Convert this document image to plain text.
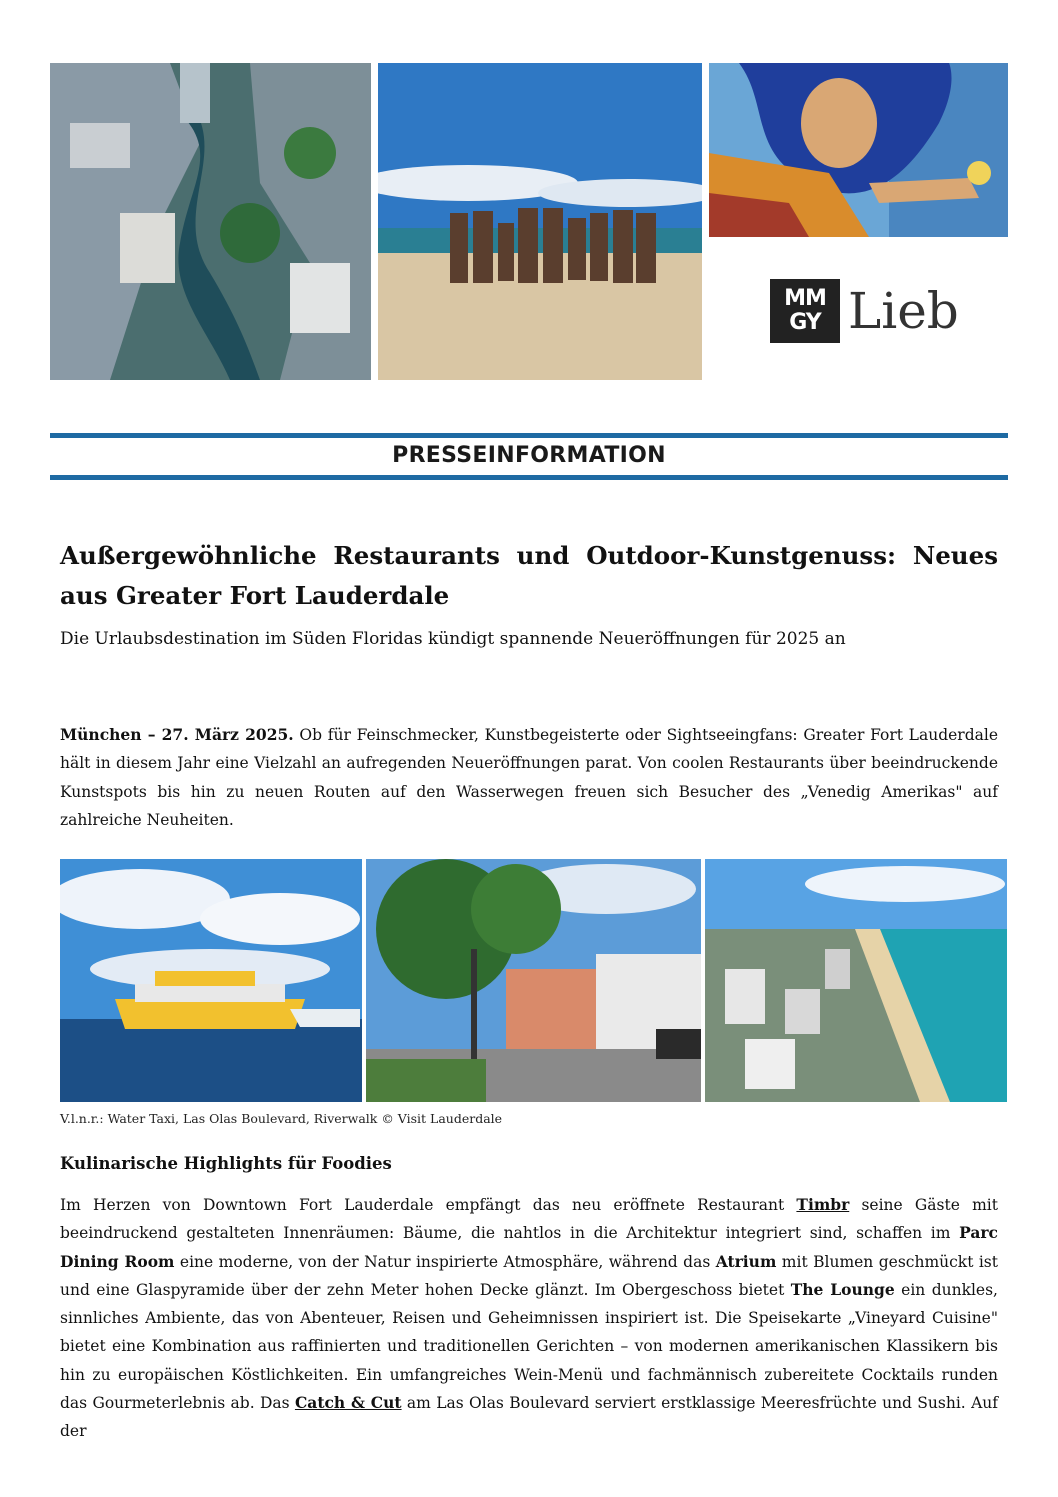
MM
GY Lieb
PRESSEINFORMATION
Außergewöhnliche Restaurants und Outdoor-Kunstgenuss: Neues aus Greater Fort Lauderdale
Die Urlaubsdestination im Süden Floridas kündigt spannende Neueröffnungen für 2025 an
München – 27. März 2025. Ob für Feinschmecker, Kunstbegeisterte oder Sightseeingfans: Greater Fort Lauderdale hält in diesem Jahr eine Vielzahl an aufregenden Neueröffnungen parat. Von coolen Restaurants über beeindruckende Kunstspots bis hin zu neuen Routen auf den Wasserwegen freuen sich Besucher des „Venedig Amerikas" auf zahlreiche Neuheiten.
V.l.n.r.: Water Taxi, Las Olas Boulevard, Riverwalk © Visit Lauderdale
Kulinarische Highlights für Foodies
Im Herzen von Downtown Fort Lauderdale empfängt das neu eröffnete Restaurant Timbr seine Gäste mit beeindruckend gestalteten Innenräumen: Bäume, die nahtlos in die Architektur integriert sind, schaffen im Parc Dining Room eine moderne, von der Natur inspirierte Atmosphäre, während das Atrium mit Blumen geschmückt ist und eine Glaspyramide über der zehn Meter hohen Decke glänzt. Im Obergeschoss bietet The Lounge ein dunkles, sinnliches Ambiente, das von Abenteuer, Reisen und Geheimnissen inspiriert ist. Die Speisekarte „Vineyard Cuisine" bietet eine Kombination aus raffinierten und traditionellen Gerichten – von modernen amerikanischen Klassikern bis hin zu europäischen Köstlichkeiten. Ein umfangreiches Wein-Menü und fachmännisch zubereitete Cocktails runden das Gourmeterlebnis ab. Das Catch & Cut am Las Olas Boulevard serviert erstklassige Meeresfrüchte und Sushi. Auf der
